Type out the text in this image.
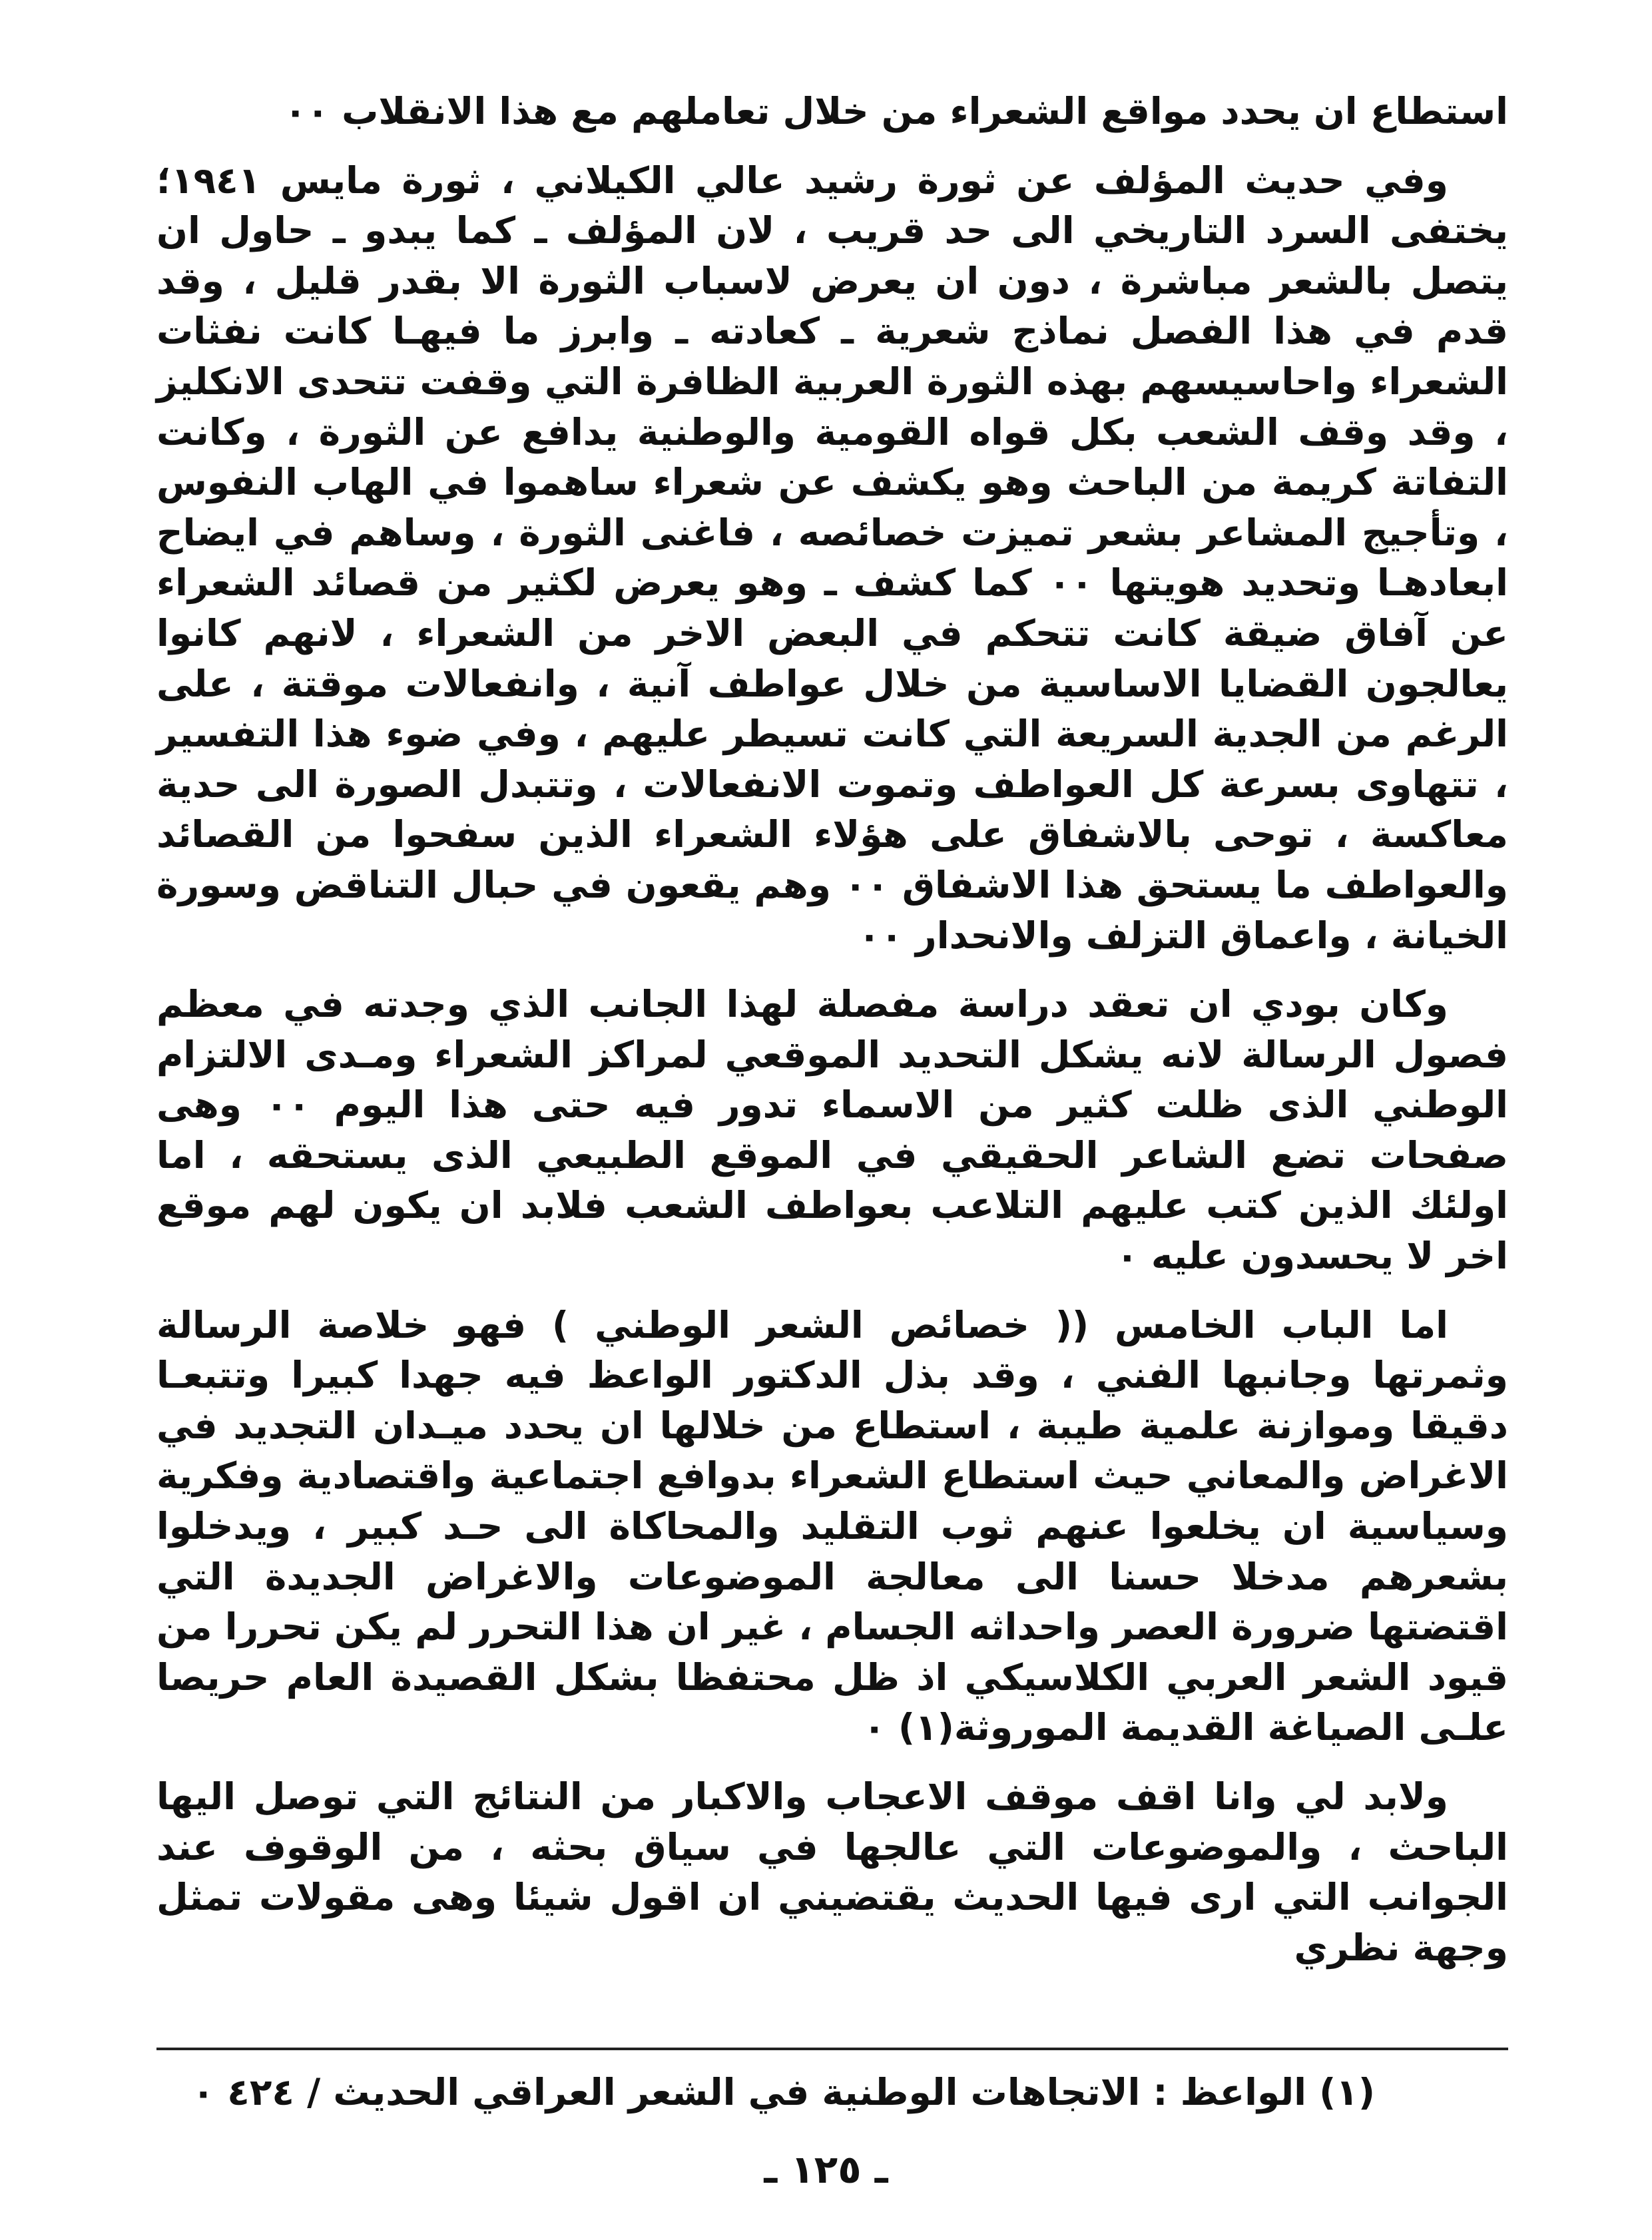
استطاع ان يحدد مواقع الشعراء من خلال تعاملهم مع هذا الانقلاب ٠٠

وفي حديث المؤلف عن ثورة رشيد عالي الكيلاني ، ثورة مايس ١٩٤١؛ يختفى السرد التاريخي الى حد قريب ، لان المؤلف ـ كما يبدو ـ حاول ان يتصل بالشعر مباشرة ، دون ان يعرض لاسباب الثورة الا بقدر قليل ، وقد قدم في هذا الفصل نماذج شعرية ـ كعادته ـ وابرز ما فيهـا كانت نفثات الشعراء واحاسيسهم بهذه الثورة العربية الظافرة التي وقفت تتحدى الانكليز ، وقد وقف الشعب بكل قواه القومية والوطنية يدافع عن الثورة ، وكانت التفاتة كريمة من الباحث وهو يكشف عن شعراء ساهموا في الهاب النفوس ، وتأجيج المشاعر بشعر تميزت خصائصه ، فاغنى الثورة ، وساهم في ايضاح ابعادهـا وتحديد هويتها ٠٠ كما كشف ـ وهو يعرض لكثير من قصائد الشعراء عن آفاق ضيقة كانت تتحكم في البعض الاخر من الشعراء ، لانهم كانوا يعالجون القضايا الاساسية من خلال عواطف آنية ، وانفعالات موقتة ، على الرغم من الجدية السريعة التي كانت تسيطر عليهم ، وفي ضوء هذا التفسير ، تتهاوى بسرعة كل العواطف وتموت الانفعالات ، وتتبدل الصورة الى حدية معاكسة ، توحى بالاشفاق على هؤلاء الشعراء الذين سفحوا من القصائد والعواطف ما يستحق هذا الاشفاق ٠٠ وهم يقعون في حبال التناقض وسورة الخيانة ، واعماق التزلف والانحدار ٠٠

وكان بودي ان تعقد دراسة مفصلة لهذا الجانب الذي وجدته في معظم فصول الرسالة لانه يشكل التحديد الموقعي لمراكز الشعراء ومـدى الالتزام الوطني الذى ظلت كثير من الاسماء تدور فيه حتى هذا اليوم ٠٠ وهى صفحات تضع الشاعر الحقيقي في الموقع الطبيعي الذى يستحقه ، اما اولئك الذين كتب عليهم التلاعب بعواطف الشعب فلابد ان يكون لهم موقع اخر لا يحسدون عليه ٠

اما الباب الخامس (( خصائص الشعر الوطني ) فهو خلاصة الرسالة وثمرتها وجانبها الفني ، وقد بذل الدكتور الواعظ فيه جهدا كبيرا وتتبعـا دقيقا وموازنة علمية طيبة ، استطاع من خلالها ان يحدد ميـدان التجديد في الاغراض والمعاني حيث استطاع الشعراء بدوافع اجتماعية واقتصادية وفكرية وسياسية ان يخلعوا عنهم ثوب التقليد والمحاكاة الى حـد كبير ، ويدخلوا بشعرهم مدخلا حسنا الى معالجة الموضوعات والاغراض الجديدة التي اقتضتها ضرورة العصر واحداثه الجسام ، غير ان هذا التحرر لم يكن تحررا من قيود الشعر العربي الكلاسيكي اذ ظل محتفظا بشكل القصيدة العام حريصا علـى الصياغة القديمة الموروثة(١) ٠

ولابد لي وانا اقف موقف الاعجاب والاكبار من النتائج التي توصل اليها الباحث ، والموضوعات التي عالجها في سياق بحثه ، من الوقوف عند الجوانب التي ارى فيها الحديث يقتضيني ان اقول شيئا وهى مقولات تمثل وجهة نظري

(١) الواعظ : الاتجاهات الوطنية في الشعر العراقي الحديث / ٤٢٤ ٠
ـ ١٢٥ ـ
